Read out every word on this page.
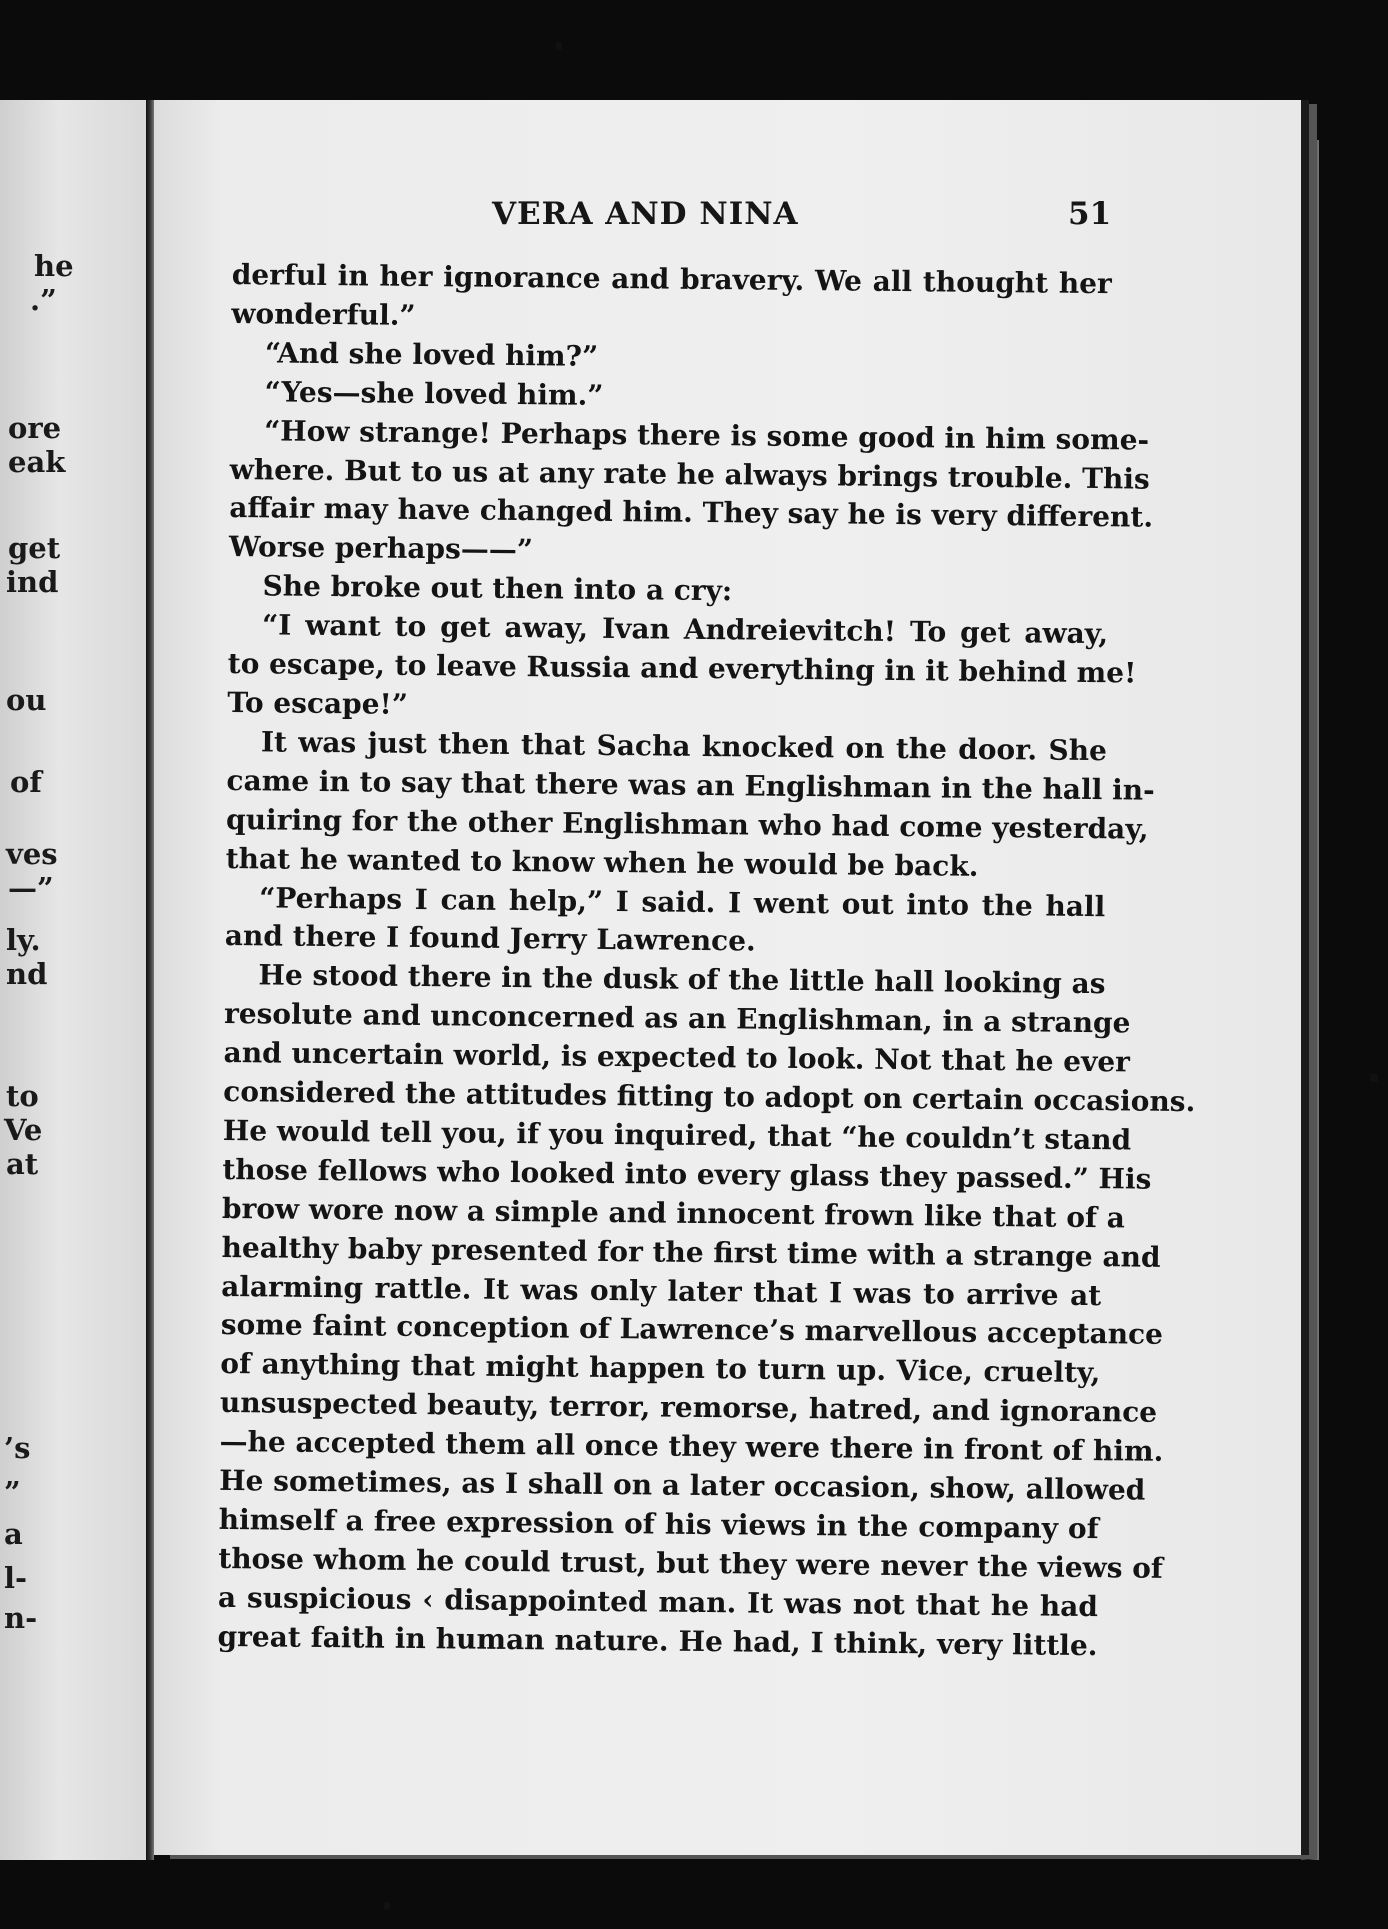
he
.”
ore
eak
get
ind
ou
of
ves
—”
ly.
nd
to
Ve
at
’s
”
a
l-
n-
VERA AND NINA	51
derful in her ignorance and bravery. We all thought her
wonderful.”
“And she loved him?”
“Yes—she loved him.”
“How strange! Perhaps there is some good in him some-
where. But to us at any rate he always brings trouble. This
affair may have changed him. They say he is very different.
Worse perhaps——”
She broke out then into a cry:
“I want to get away, Ivan Andreievitch! To get away,
to escape, to leave Russia and everything in it behind me!
To escape!”
It was just then that Sacha knocked on the door. She
came in to say that there was an Englishman in the hall in-
quiring for the other Englishman who had come yesterday,
that he wanted to know when he would be back.
“Perhaps I can help,” I said. I went out into the hall
and there I found Jerry Lawrence.
He stood there in the dusk of the little hall looking as
resolute and unconcerned as an Englishman, in a strange
and uncertain world, is expected to look. Not that he ever
considered the attitudes fitting to adopt on certain occasions.
He would tell you, if you inquired, that “he couldn’t stand
those fellows who looked into every glass they passed.” His
brow wore now a simple and innocent frown like that of a
healthy baby presented for the first time with a strange and
alarming rattle. It was only later that I was to arrive at
some faint conception of Lawrence’s marvellous acceptance
of anything that might happen to turn up. Vice, cruelty,
unsuspected beauty, terror, remorse, hatred, and ignorance
—he accepted them all once they were there in front of him.
He sometimes, as I shall on a later occasion, show, allowed
himself a free expression of his views in the company of
those whom he could trust, but they were never the views of
a suspicious ‹ disappointed man. It was not that he had
great faith in human nature. He had, I think, very little.
